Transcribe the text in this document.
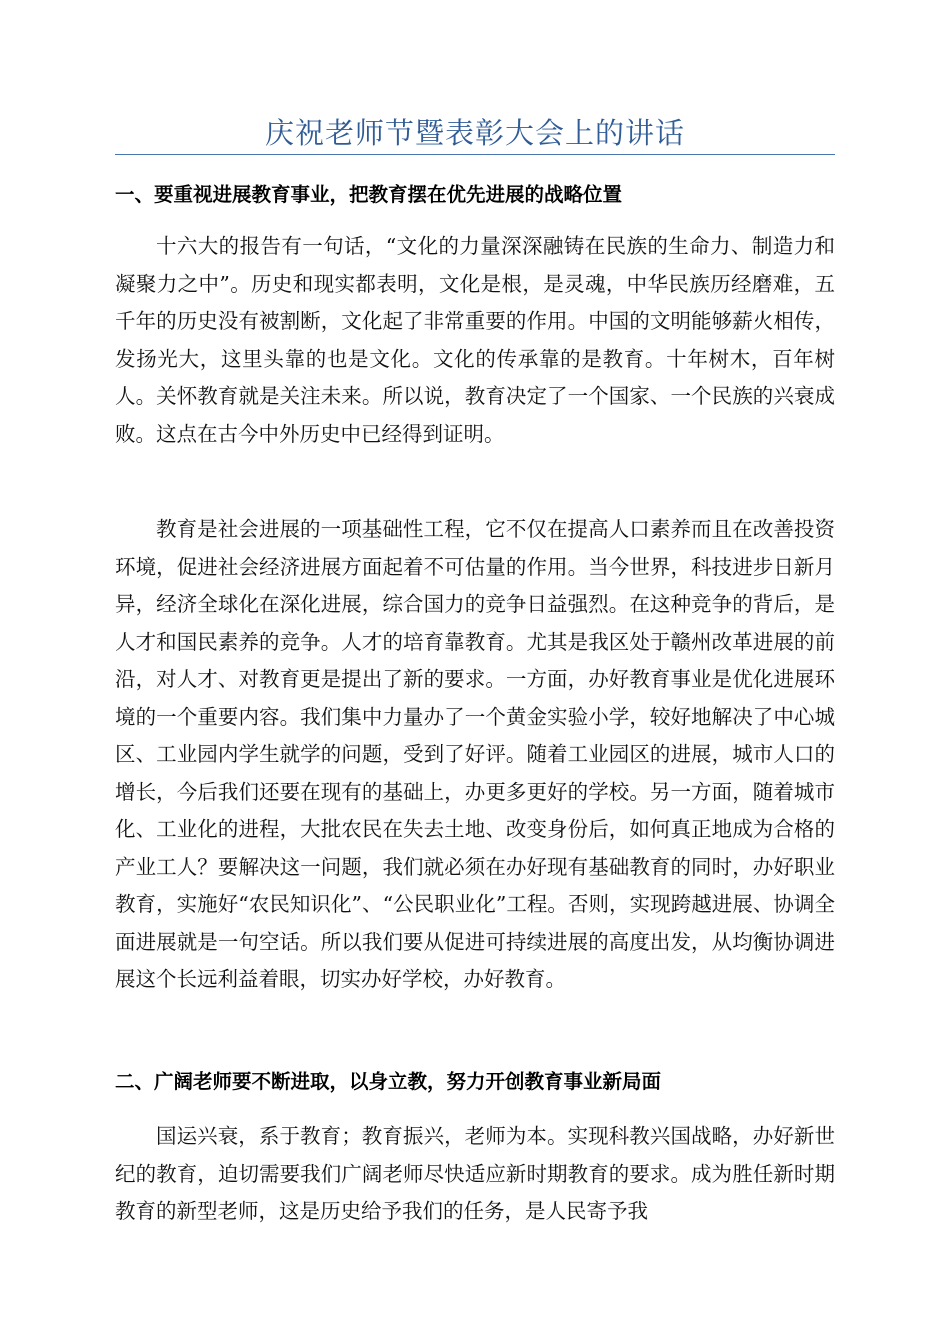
庆祝老师节暨表彰大会上的讲话
一、要重视进展教育事业，把教育摆在优先进展的战略位置

十六大的报告有一句话，“文化的力量深深融铸在民族的生命力、制造力和凝聚力之中”。历史和现实都表明，文化是根，是灵魂，中华民族历经磨难，五千年的历史没有被割断，文化起了非常重要的作用。中国的文明能够薪火相传，发扬光大，这里头靠的也是文化。文化的传承靠的是教育。十年树木，百年树人。关怀教育就是关注未来。所以说，教育决定了一个国家、一个民族的兴衰成败。这点在古今中外历史中已经得到证明。

教育是社会进展的一项基础性工程，它不仅在提高人口素养而且在改善投资环境，促进社会经济进展方面起着不可估量的作用。当今世界，科技进步日新月异，经济全球化在深化进展，综合国力的竞争日益强烈。在这种竞争的背后，是人才和国民素养的竞争。人才的培育靠教育。尤其是我区处于赣州改革进展的前沿，对人才、对教育更是提出了新的要求。一方面，办好教育事业是优化进展环境的一个重要内容。我们集中力量办了一个黄金实验小学，较好地解决了中心城区、工业园内学生就学的问题，受到了好评。随着工业园区的进展，城市人口的增长，今后我们还要在现有的基础上，办更多更好的学校。另一方面，随着城市化、工业化的进程，大批农民在失去土地、改变身份后，如何真正地成为合格的产业工人？要解决这一问题，我们就必须在办好现有基础教育的同时，办好职业教育，实施好“农民知识化”、“公民职业化”工程。否则，实现跨越进展、协调全面进展就是一句空话。所以我们要从促进可持续进展的高度出发，从均衡协调进展这个长远利益着眼，切实办好学校，办好教育。

二、广阔老师要不断进取，以身立教，努力开创教育事业新局面

国运兴衰，系于教育；教育振兴，老师为本。实现科教兴国战略，办好新世纪的教育，迫切需要我们广阔老师尽快适应新时期教育的要求。成为胜任新时期教育的新型老师，这是历史给予我们的任务，是人民寄予我
